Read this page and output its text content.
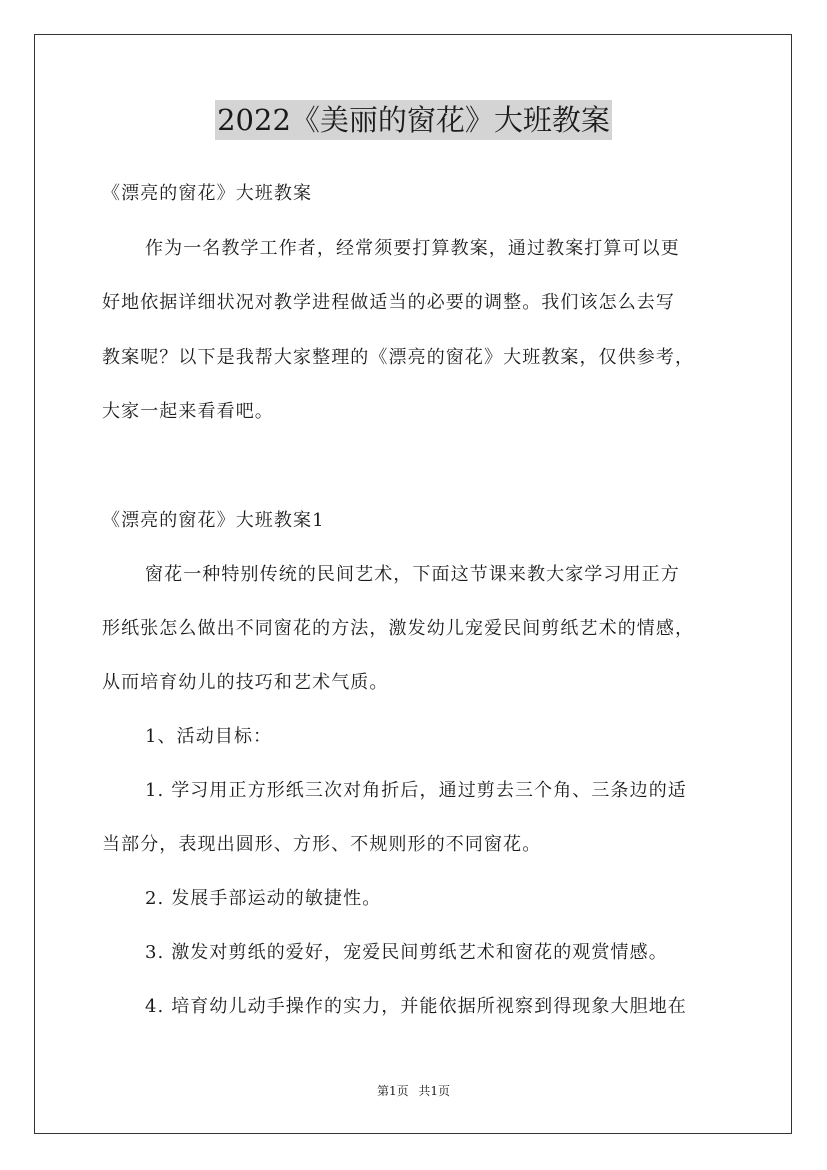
2022《美丽的窗花》大班教案
《漂亮的窗花》大班教案
作为一名教学工作者，经常须要打算教案，通过教案打算可以更
好地依据详细状况对教学进程做适当的必要的调整。我们该怎么去写
教案呢？以下是我帮大家整理的《漂亮的窗花》大班教案，仅供参考，
大家一起来看看吧。
《漂亮的窗花》大班教案1
窗花一种特别传统的民间艺术，下面这节课来教大家学习用正方
形纸张怎么做出不同窗花的方法，激发幼儿宠爱民间剪纸艺术的情感，
从而培育幼儿的技巧和艺术气质。
1、活动目标：
1. 学习用正方形纸三次对角折后，通过剪去三个角、三条边的适
当部分，表现出圆形、方形、不规则形的不同窗花。
2. 发展手部运动的敏捷性。
3. 激发对剪纸的爱好，宠爱民间剪纸艺术和窗花的观赏情感。
4. 培育幼儿动手操作的实力，并能依据所视察到得现象大胆地在
第1页 共1页
